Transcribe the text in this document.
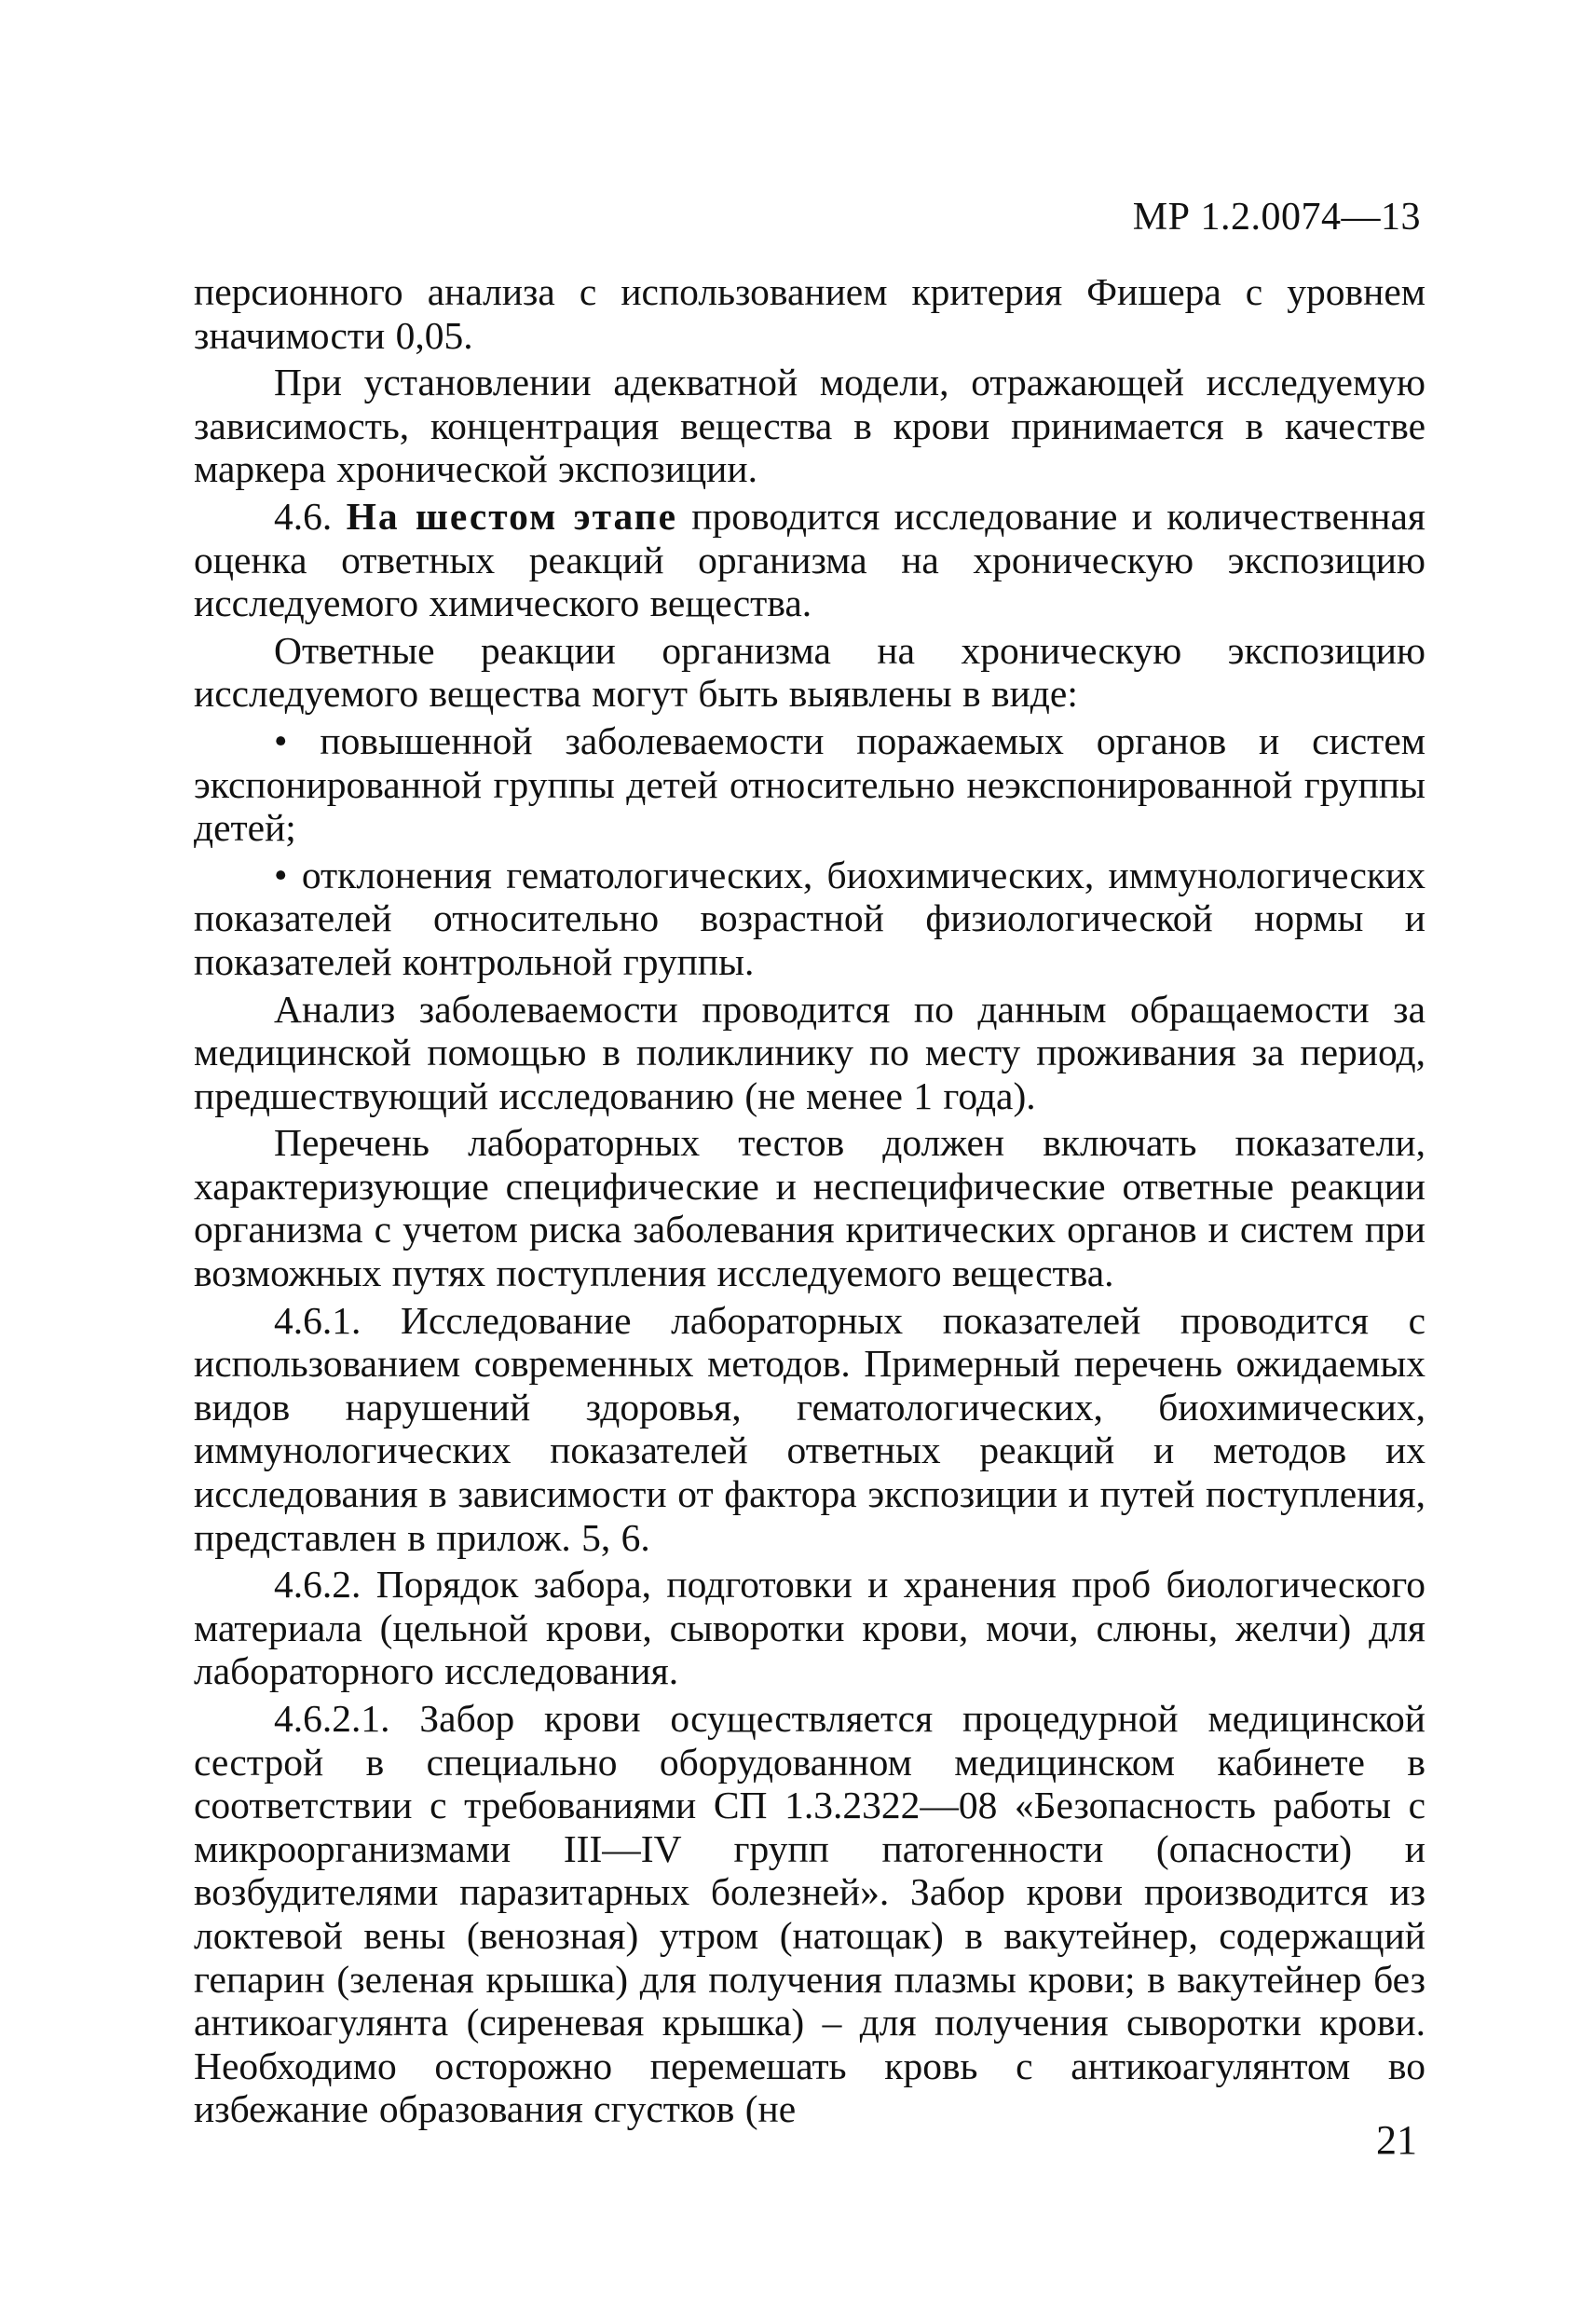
МР 1.2.0074—13

персионного анализа с использованием критерия Фишера с уровнем значимости 0,05.

При установлении адекватной модели, отражающей исследуемую зависимость, концентрация вещества в крови принимается в качестве маркера хронической экспозиции.

4.6. На шестом этапе проводится исследование и количественная оценка ответных реакций организма на хроническую экспозицию исследуемого химического вещества.

Ответные реакции организма на хроническую экспозицию исследуемого вещества могут быть выявлены в виде:

• повышенной заболеваемости поражаемых органов и систем экспонированной группы детей относительно неэкспонированной группы детей;

• отклонения гематологических, биохимических, иммунологических показателей относительно возрастной физиологической нормы и показателей контрольной группы.

Анализ заболеваемости проводится по данным обращаемости за медицинской помощью в поликлинику по месту проживания за период, предшествующий исследованию (не менее 1 года).

Перечень лабораторных тестов должен включать показатели, характеризующие специфические и неспецифические ответные реакции организма с учетом риска заболевания критических органов и систем при возможных путях поступления исследуемого вещества.

4.6.1. Исследование лабораторных показателей проводится с использованием современных методов. Примерный перечень ожидаемых видов нарушений здоровья, гематологических, биохимических, иммунологических показателей ответных реакций и методов их исследования в зависимости от фактора экспозиции и путей поступления, представлен в прилож. 5, 6.

4.6.2. Порядок забора, подготовки и хранения проб биологического материала (цельной крови, сыворотки крови, мочи, слюны, желчи) для лабораторного исследования.

4.6.2.1. Забор крови осуществляется процедурной медицинской сестрой в специально оборудованном медицинском кабинете в соответствии с требованиями СП 1.3.2322—08 «Безопасность работы с микроорганизмами III—IV групп патогенности (опасности) и возбудителями паразитарных болезней». Забор крови производится из локтевой вены (венозная) утром (натощак) в вакутейнер, содержащий гепарин (зеленая крышка) для получения плазмы крови; в вакутейнер без антикоагулянта (сиреневая крышка) – для получения сыворотки крови. Необходимо осторожно перемешать кровь с антикоагулянтом во избежание образования сгустков (не

21
